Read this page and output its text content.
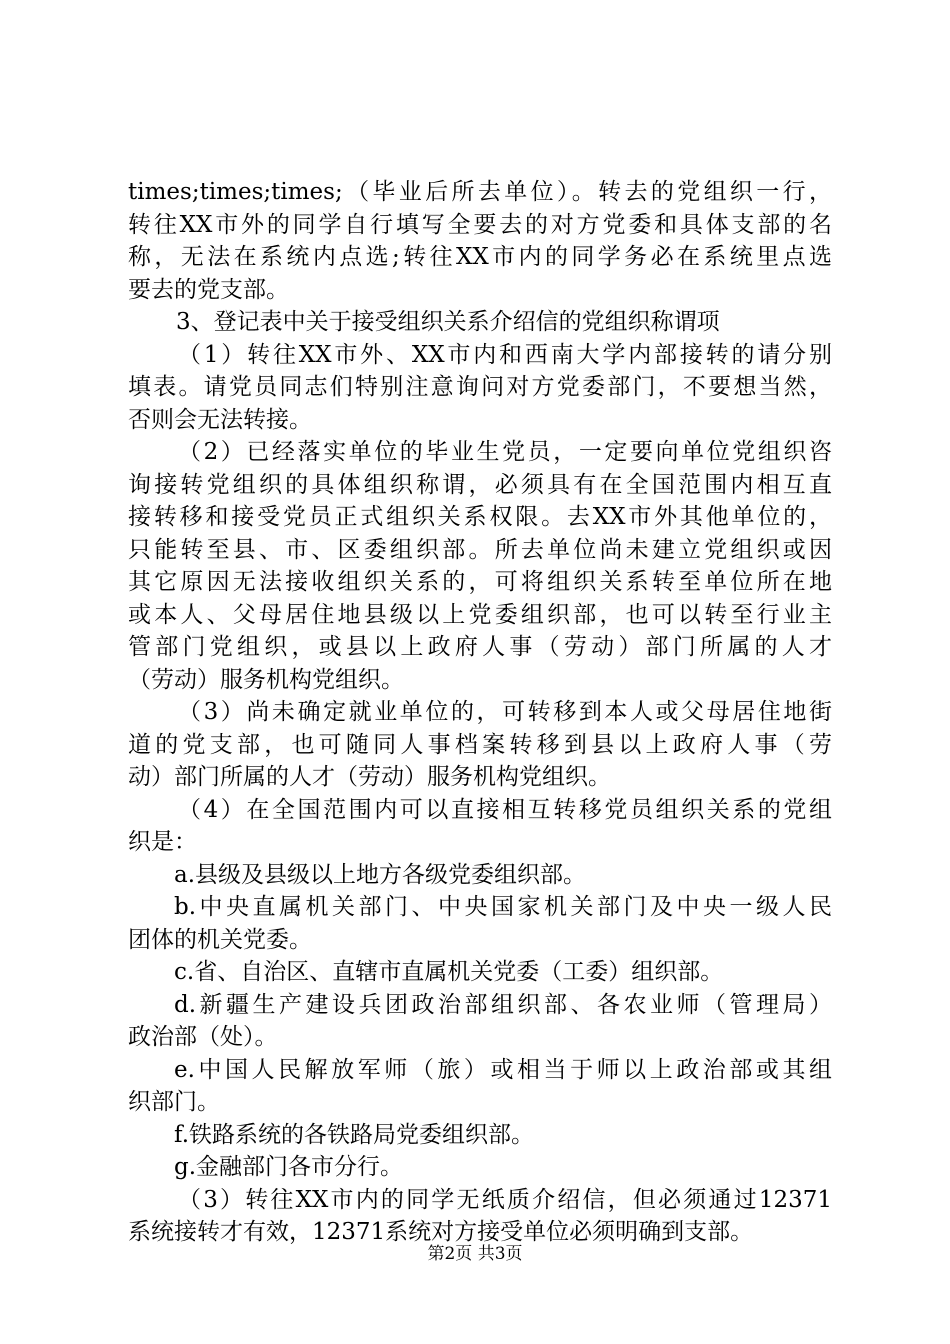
times;times;times;（毕业后所去单位）。转去的党组织一行，
转往XX市外的同学自行填写全要去的对方党委和具体支部的名
称，无法在系统内点选;转往XX市内的同学务必在系统里点选
要去的党支部。
3、登记表中关于接受组织关系介绍信的党组织称谓项
（1）转往XX市外、XX市内和西南大学内部接转的请分别
填表。请党员同志们特别注意询问对方党委部门，不要想当然，
否则会无法转接。
（2）已经落实单位的毕业生党员，一定要向单位党组织咨
询接转党组织的具体组织称谓，必须具有在全国范围内相互直
接转移和接受党员正式组织关系权限。去XX市外其他单位的，
只能转至县、市、区委组织部。所去单位尚未建立党组织或因
其它原因无法接收组织关系的，可将组织关系转至单位所在地
或本人、父母居住地县级以上党委组织部，也可以转至行业主
管部门党组织，或县以上政府人事（劳动）部门所属的人才
（劳动）服务机构党组织。
（3）尚未确定就业单位的，可转移到本人或父母居住地街
道的党支部，也可随同人事档案转移到县以上政府人事（劳
动）部门所属的人才（劳动）服务机构党组织。
（4）在全国范围内可以直接相互转移党员组织关系的党组
织是：
a.县级及县级以上地方各级党委组织部。
b.中央直属机关部门、中央国家机关部门及中央一级人民
团体的机关党委。
c.省、自治区、直辖市直属机关党委（工委）组织部。
d.新疆生产建设兵团政治部组织部、各农业师（管理局）
政治部（处）。
e.中国人民解放军师（旅）或相当于师以上政治部或其组
织部门。
f.铁路系统的各铁路局党委组织部。
g.金融部门各市分行。
（3）转往XX市内的同学无纸质介绍信，但必须通过12371
系统接转才有效，12371系统对方接受单位必须明确到支部。
第2页 共3页
